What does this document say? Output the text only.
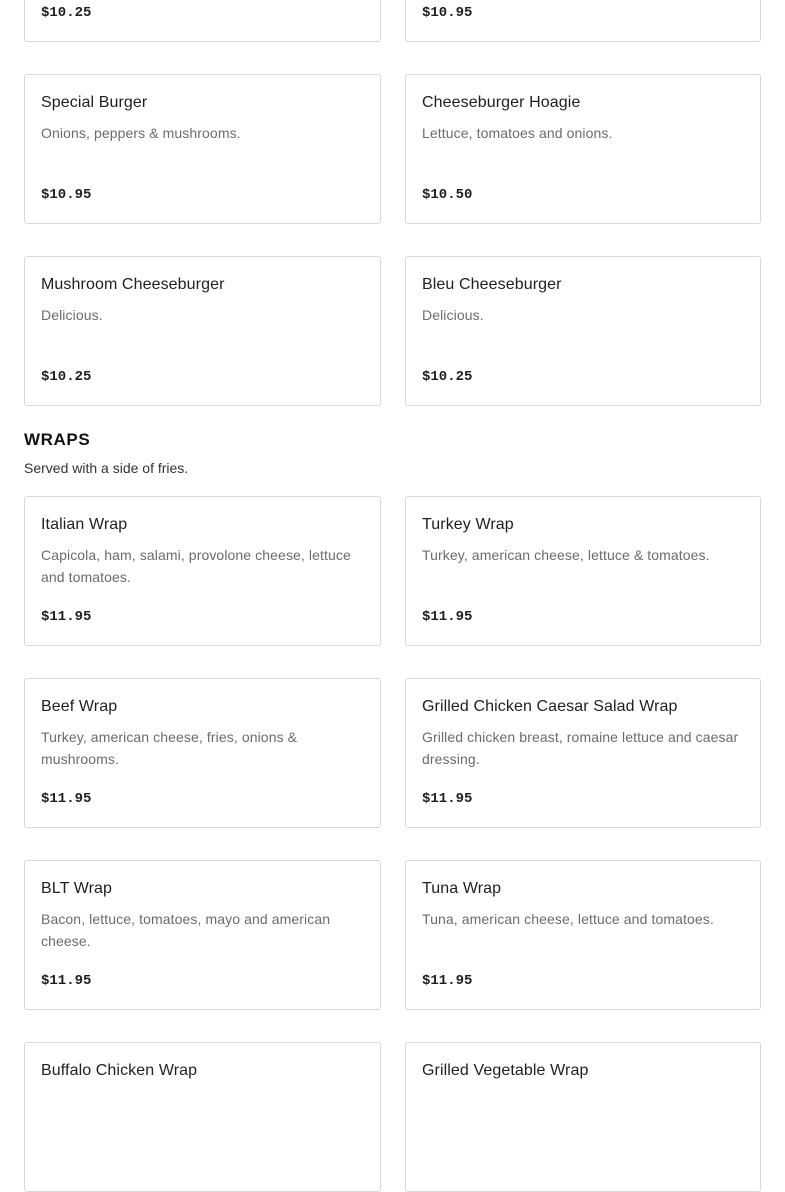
$10.25	$10.95
Special Burger
Onions, peppers & mushrooms.
$10.95
Cheeseburger Hoagie
Lettuce, tomatoes and onions.
$10.50
Mushroom Cheeseburger
Delicious.
$10.25
Bleu Cheeseburger
Delicious.
$10.25
WRAPS
Served with a side of fries.
Italian Wrap
Capicola, ham, salami, provolone cheese, lettuce and tomatoes.
$11.95
Turkey Wrap
Turkey, american cheese, lettuce & tomatoes.
$11.95
Beef Wrap
Turkey, american cheese, fries, onions & mushrooms.
$11.95
Grilled Chicken Caesar Salad Wrap
Grilled chicken breast, romaine lettuce and caesar dressing.
$11.95
BLT Wrap
Bacon, lettuce, tomatoes, mayo and american cheese.
$11.95
Tuna Wrap
Tuna, american cheese, lettuce and tomatoes.
$11.95
Buffalo Chicken Wrap	Grilled Vegetable Wrap
